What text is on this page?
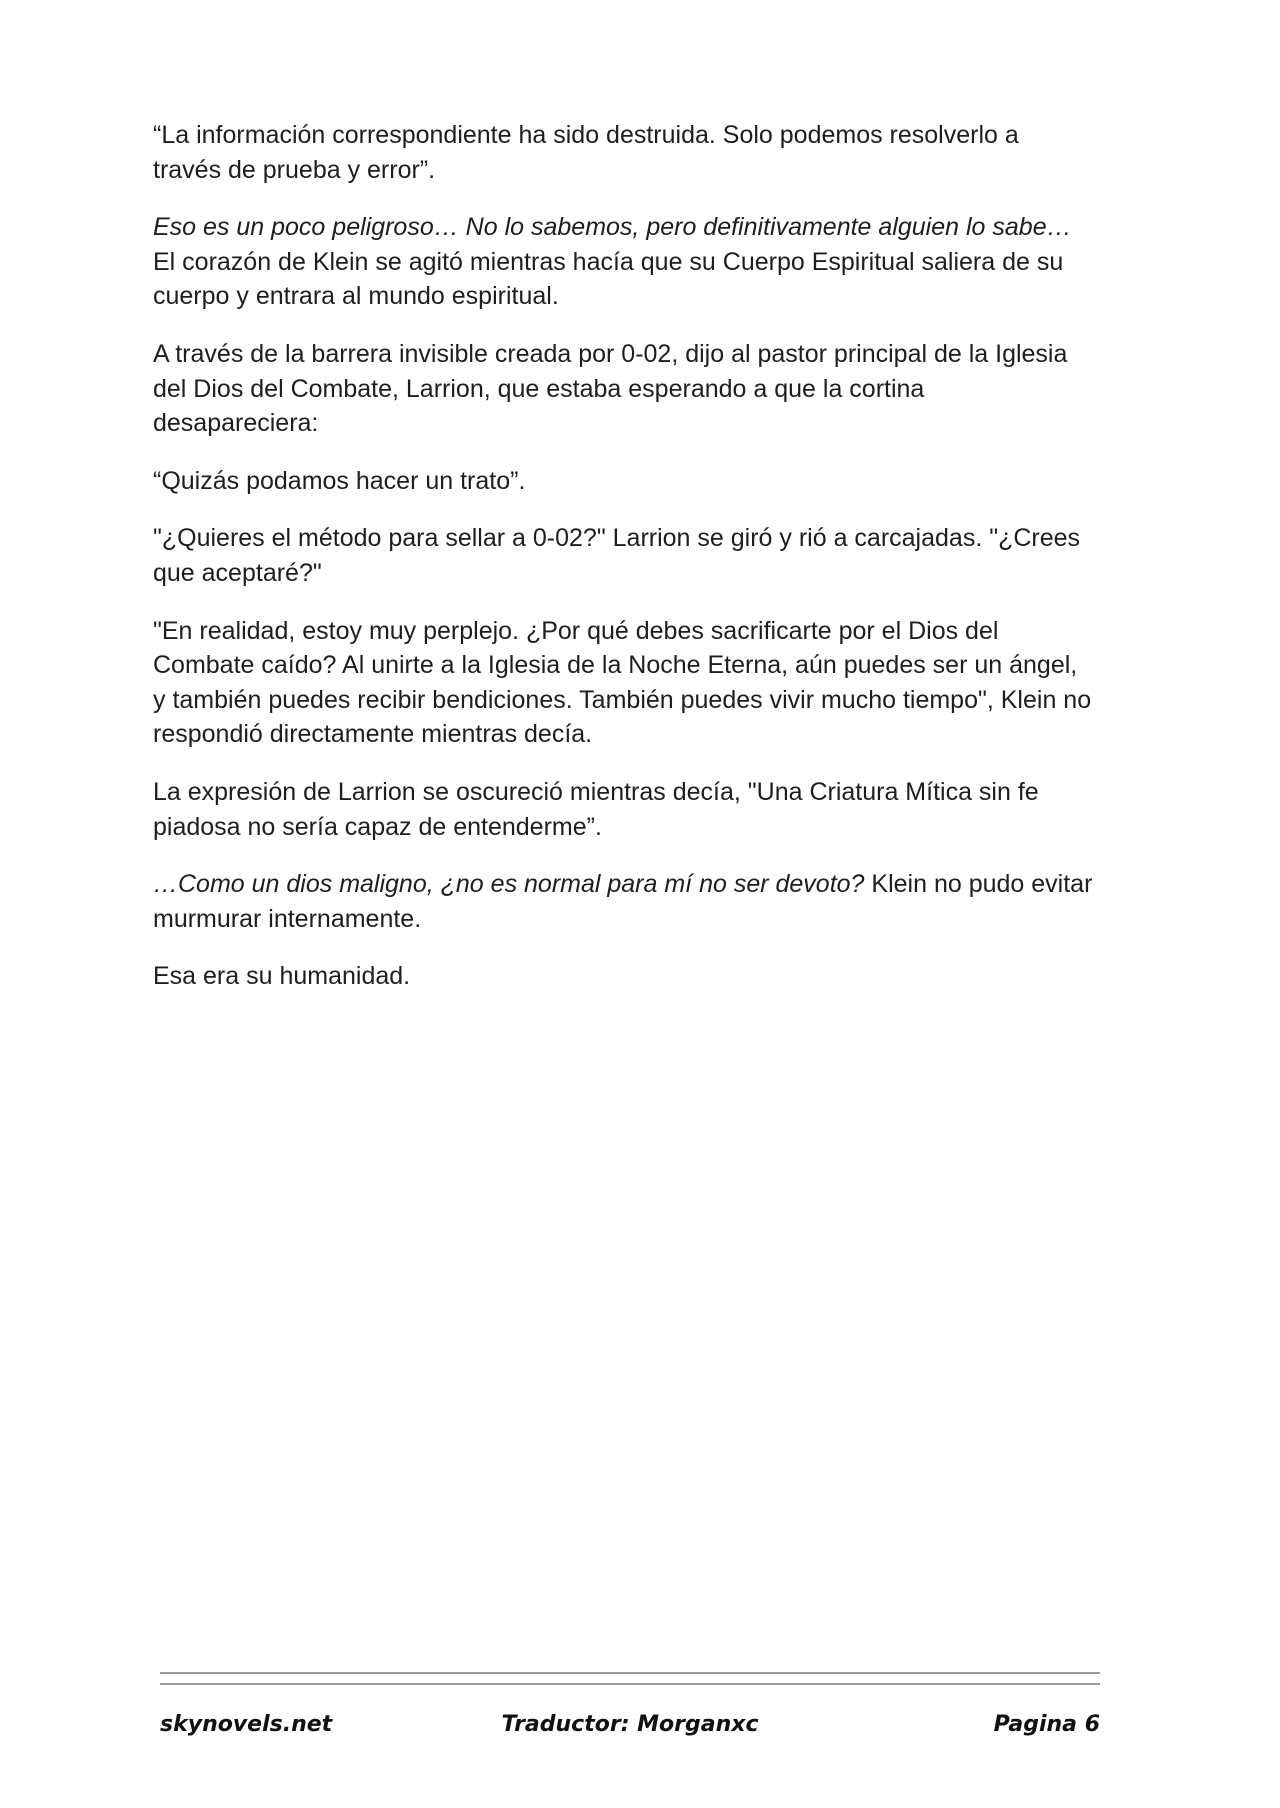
“La información correspondiente ha sido destruida. Solo podemos resolverlo a través de prueba y error”.

Eso es un poco peligroso… No lo sabemos, pero definitivamente alguien lo sabe… El corazón de Klein se agitó mientras hacía que su Cuerpo Espiritual saliera de su cuerpo y entrara al mundo espiritual.

A través de la barrera invisible creada por 0-02, dijo al pastor principal de la Iglesia del Dios del Combate, Larrion, que estaba esperando a que la cortina desapareciera:

“Quizás podamos hacer un trato”.

"¿Quieres el método para sellar a 0-02?" Larrion se giró y rió a carcajadas. "¿Crees que aceptaré?"

"En realidad, estoy muy perplejo. ¿Por qué debes sacrificarte por el Dios del Combate caído? Al unirte a la Iglesia de la Noche Eterna, aún puedes ser un ángel, y también puedes recibir bendiciones. También puedes vivir mucho tiempo", Klein no respondió directamente mientras decía.

La expresión de Larrion se oscureció mientras decía, "Una Criatura Mítica sin fe piadosa no sería capaz de entenderme”.

…Como un dios maligno, ¿no es normal para mí no ser devoto? Klein no pudo evitar murmurar internamente.

Esa era su humanidad.

skynovels.net	Traductor: Morganxc	Pagina 6
